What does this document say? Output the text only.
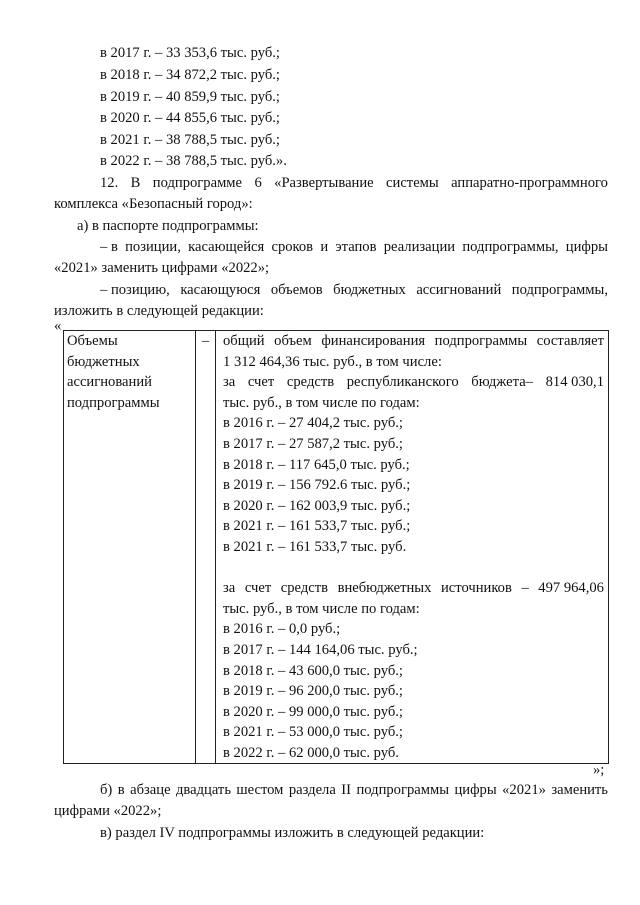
в 2017 г. – 33 353,6 тыс. руб.;
в 2018 г. – 34 872,2 тыс. руб.;
в 2019 г. – 40 859,9 тыс. руб.;
в 2020 г. – 44 855,6 тыс. руб.;
в 2021 г. – 38 788,5 тыс. руб.;
в 2022 г. – 38 788,5 тыс. руб.».
12. В подпрограмме 6 «Развертывание системы аппаратно-программного
комплекса «Безопасный город»:
а) в паспорте подпрограммы:
– в позиции, касающейся сроков и этапов реализации подпрограммы, цифры
«2021» заменить цифрами «2022»;
– позицию, касающуюся объемов бюджетных ассигнований подпрограммы,
изложить в следующей редакции:
«
Объемы
бюджетных
ассигнований
подпрограммы

–	общий объем финансирования подпрограммы составляет
1 312 464,36 тыс. руб., в том числе:
за счет средств республиканского бюджета– 814 030,1
тыс. руб., в том числе по годам:
в 2016 г. – 27 404,2 тыс. руб.;
в 2017 г. – 27 587,2 тыс. руб.;
в 2018 г. – 117 645,0 тыс. руб.;
в 2019 г. – 156 792.6 тыс. руб.;
в 2020 г. – 162 003,9 тыс. руб.;
в 2021 г. – 161 533,7 тыс. руб.;
в 2021 г. – 161 533,7 тыс. руб.
за счет средств внебюджетных источников – 497 964,06
тыс. руб., в том числе по годам:
в 2016 г. – 0,0 руб.;
в 2017 г. – 144 164,06 тыс. руб.;
в 2018 г. – 43 600,0 тыс. руб.;
в 2019 г. – 96 200,0 тыс. руб.;
в 2020 г. – 99 000,0 тыс. руб.;
в 2021 г. – 53 000,0 тыс. руб.;
в 2022 г. – 62 000,0 тыс. руб.
»;
б) в абзаце двадцать шестом раздела II подпрограммы цифры «2021» заменить
цифрами «2022»;
в) раздел IV подпрограммы изложить в следующей редакции:
